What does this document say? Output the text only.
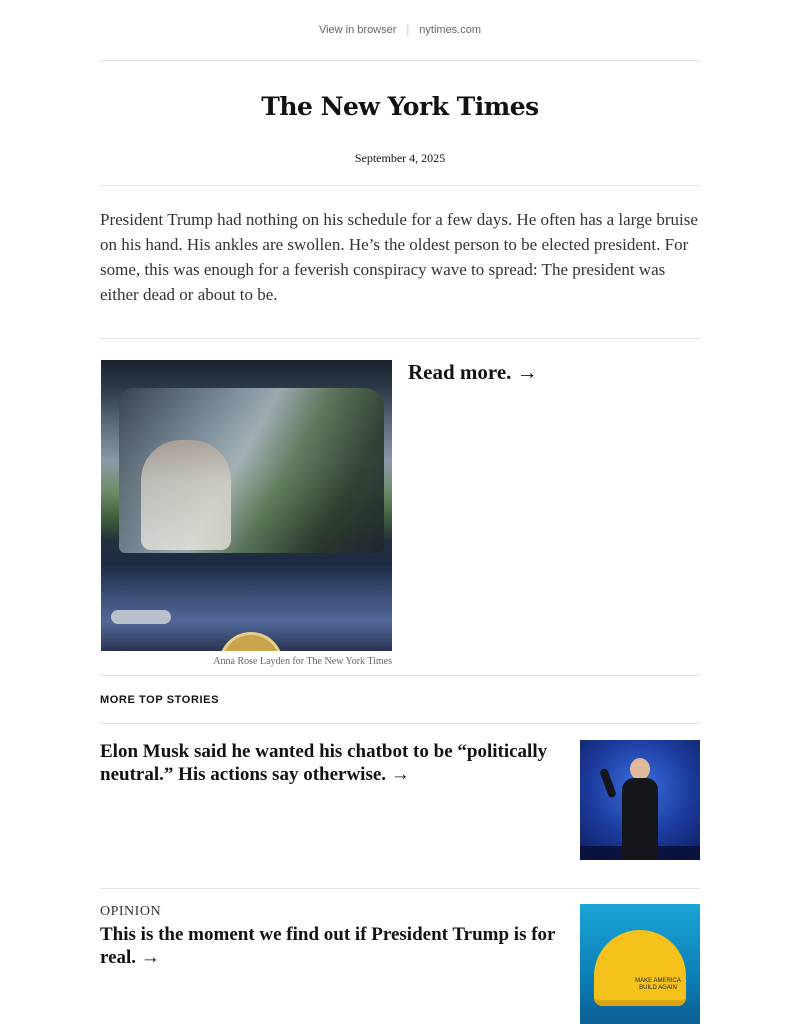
View in browser | nytimes.com
The New York Times
September 4, 2025

President Trump had nothing on his schedule for a few days. He often has a large bruise on his hand. His ankles are swollen. He’s the oldest person to be elected president. For some, this was enough for a feverish conspiracy wave to spread: The president was either dead or about to be.

Anna Rose Layden for The New York Times
Read more. →
MORE TOP STORIES

Elon Musk said he wanted his chatbot to be “politically neutral.” His actions say otherwise. →

OPINION

This is the moment we find out if President Trump is for real. →

MAKE AMERICA BUILD AGAIN
